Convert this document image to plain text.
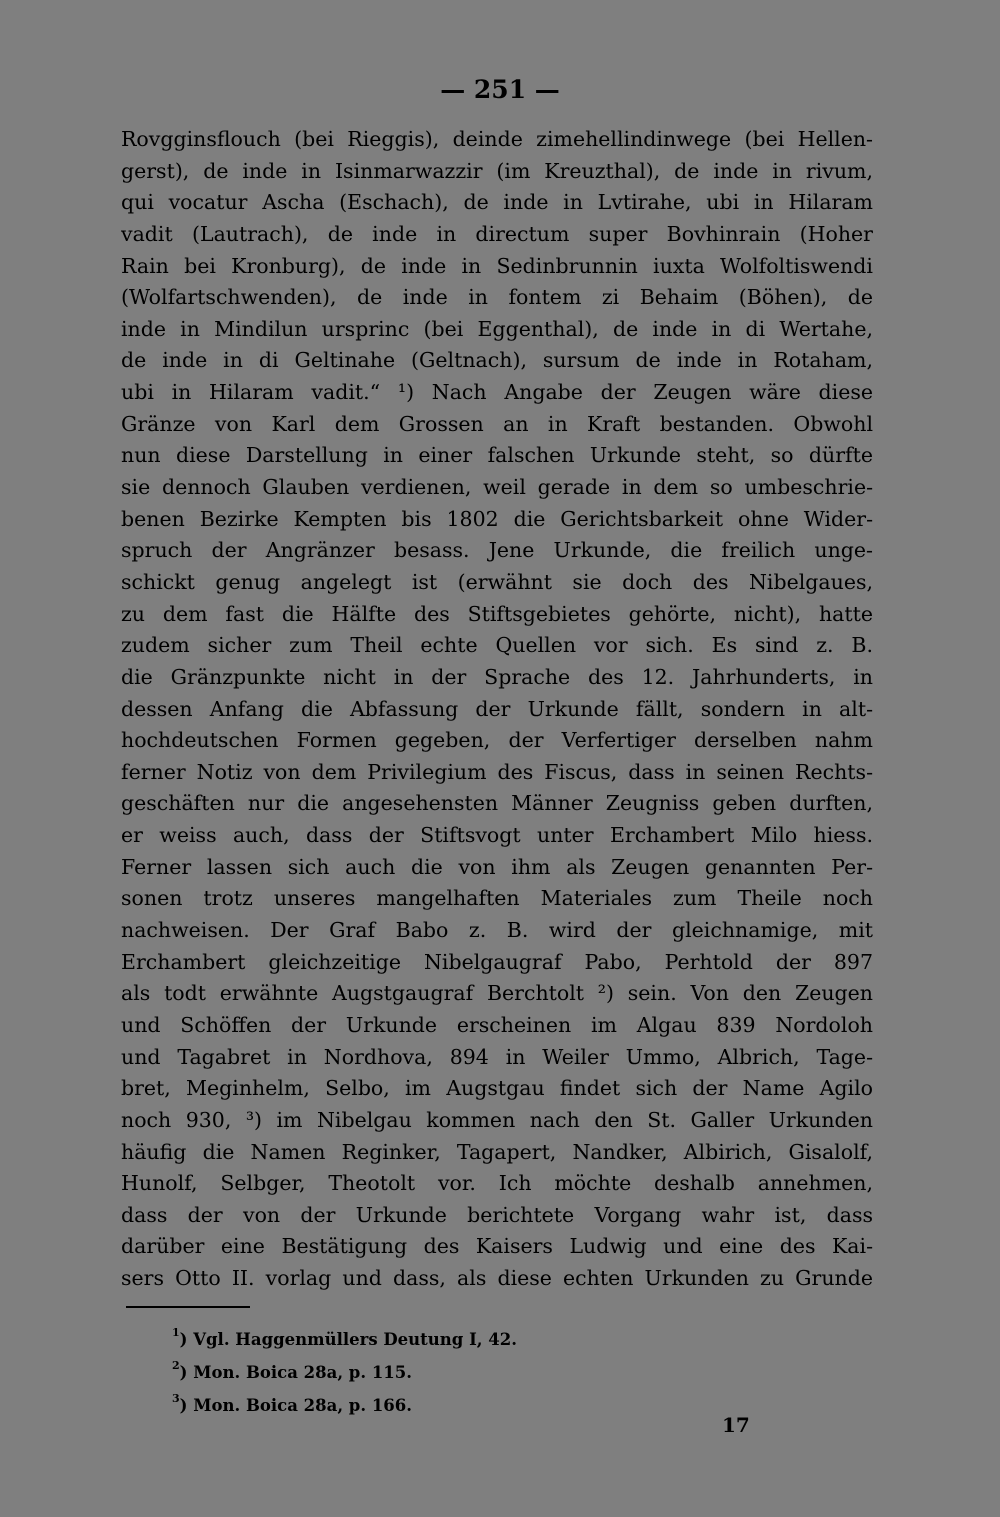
— 251 —
Rovgginsflouch (bei Rieggis), deinde zimehellindinwege (bei Hellen-
gerst), de inde in Isinmarwazzir (im Kreuzthal), de inde in rivum,
qui vocatur Ascha (Eschach), de inde in Lvtirahe, ubi in Hilaram
vadit (Lautrach), de inde in directum super Bovhinrain (Hoher
Rain bei Kronburg), de inde in Sedinbrunnin iuxta Wolfoltiswendi
(Wolfartschwenden), de inde in fontem zi Behaim (Böhen), de
inde in Mindilun ursprinc (bei Eggenthal), de inde in di Wertahe,
de inde in di Geltinahe (Geltnach), sursum de inde in Rotaham,
ubi in Hilaram vadit.“ ¹) Nach Angabe der Zeugen wäre diese
Gränze von Karl dem Grossen an in Kraft bestanden. Obwohl
nun diese Darstellung in einer falschen Urkunde steht, so dürfte
sie dennoch Glauben verdienen, weil gerade in dem so umbeschrie-
benen Bezirke Kempten bis 1802 die Gerichtsbarkeit ohne Wider-
spruch der Angränzer besass. Jene Urkunde, die freilich unge-
schickt genug angelegt ist (erwähnt sie doch des Nibelgaues,
zu dem fast die Hälfte des Stiftsgebietes gehörte, nicht), hatte
zudem sicher zum Theil echte Quellen vor sich. Es sind z. B.
die Gränzpunkte nicht in der Sprache des 12. Jahrhunderts, in
dessen Anfang die Abfassung der Urkunde fällt, sondern in alt-
hochdeutschen Formen gegeben, der Verfertiger derselben nahm
ferner Notiz von dem Privilegium des Fiscus, dass in seinen Rechts-
geschäften nur die angesehensten Männer Zeugniss geben durften,
er weiss auch, dass der Stiftsvogt unter Erchambert Milo hiess.
Ferner lassen sich auch die von ihm als Zeugen genannten Per-
sonen trotz unseres mangelhaften Materiales zum Theile noch
nachweisen. Der Graf Babo z. B. wird der gleichnamige, mit
Erchambert gleichzeitige Nibelgaugraf Pabo, Perhtold der 897
als todt erwähnte Augstgaugraf Berchtolt ²) sein. Von den Zeugen
und Schöffen der Urkunde erscheinen im Algau 839 Nordoloh
und Tagabret in Nordhova, 894 in Weiler Ummo, Albrich, Tage-
bret, Meginhelm, Selbo, im Augstgau findet sich der Name Agilo
noch 930, ³) im Nibelgau kommen nach den St. Galler Urkunden
häufig die Namen Reginker, Tagapert, Nandker, Albirich, Gisalolf,
Hunolf, Selbger, Theotolt vor. Ich möchte deshalb annehmen,
dass der von der Urkunde berichtete Vorgang wahr ist, dass
darüber eine Bestätigung des Kaisers Ludwig und eine des Kai-
sers Otto II. vorlag und dass, als diese echten Urkunden zu Grunde
$^1$) Vgl. Haggenmüllers Deutung I, 42.
$^2$) Mon. Boica 28a, p. 115.
$^3$) Mon. Boica 28a, p. 166.
17
